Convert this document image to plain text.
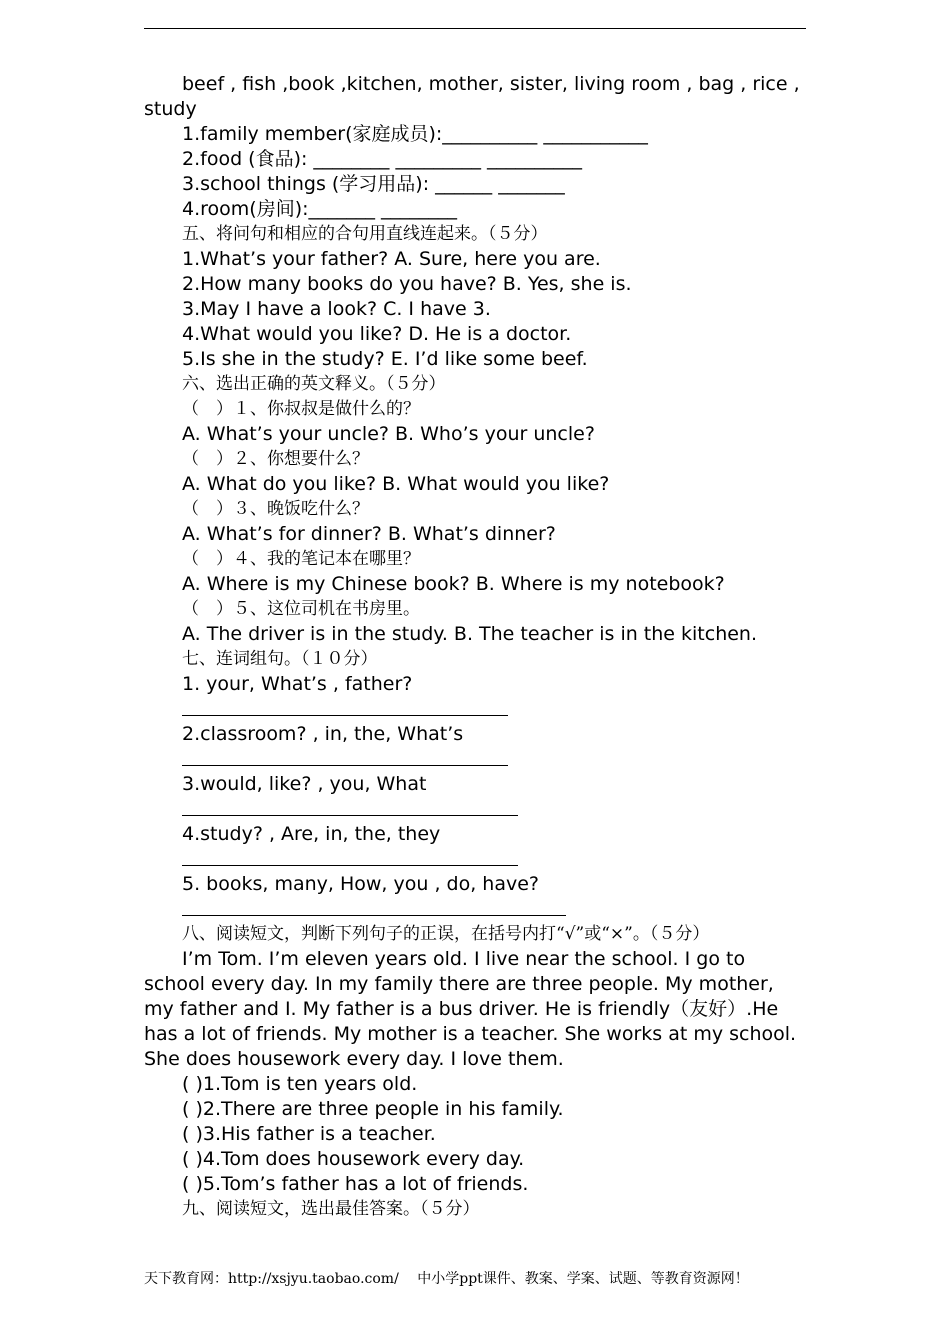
beef , fish ,book ,kitchen, mother, sister, living room , bag , rice , study
1.family member(家庭成员):__________ ___________
2.food (食品): ________ _________ __________
3.school things (学习用品): ______ _______
4.room(房间):_______ ________
五、将问句和相应的合句用直线连起来。（５分）
1.What’s your father? A. Sure, here you are.
2.How many books do you have? B. Yes, she is.
3.May I have a look? C. I have 3.
4.What would you like? D. He is a doctor.
5.Is she in the study? E. I’d like some beef.
六、选出正确的英文释义。（５分）
（　）１、你叔叔是做什么的？
A. What’s your uncle? B. Who’s your uncle?
（　）２、你想要什么？
A. What do you like? B. What would you like?
（　）３、晚饭吃什么？
A. What’s for dinner? B. What’s dinner?
（　）４、我的笔记本在哪里？
A. Where is my Chinese book? B. Where is my notebook?
（　）５、这位司机在书房里。
A. The driver is in the study. B. The teacher is in the kitchen.
七、连词组句。（１０分）
1. your, What’s , father?
2.classroom? , in, the, What’s
3.would, like? , you, What
4.study? , Are, in, the, they
5. books, many, How, you , do, have?
八、阅读短文，判断下列句子的正误，在括号内打“√”或“×”。（５分）
I’m Tom. I’m eleven years old. I live near the school. I go to school every day. In my family there are three people. My mother, my father and I. My father is a bus driver. He is friendly（友好）.He has a lot of friends. My mother is a teacher. She works at my school. She does housework every day. I love them.
( )1.Tom is ten years old.
( )2.There are three people in his family.
( )3.His father is a teacher.
( )4.Tom does housework every day.
( )5.Tom’s father has a lot of friends.
九、阅读短文，选出最佳答案。（５分）
天下教育网：http://xsjyu.taobao.com/　 中小学ppt课件、教案、学案、试题、等教育资源网！
